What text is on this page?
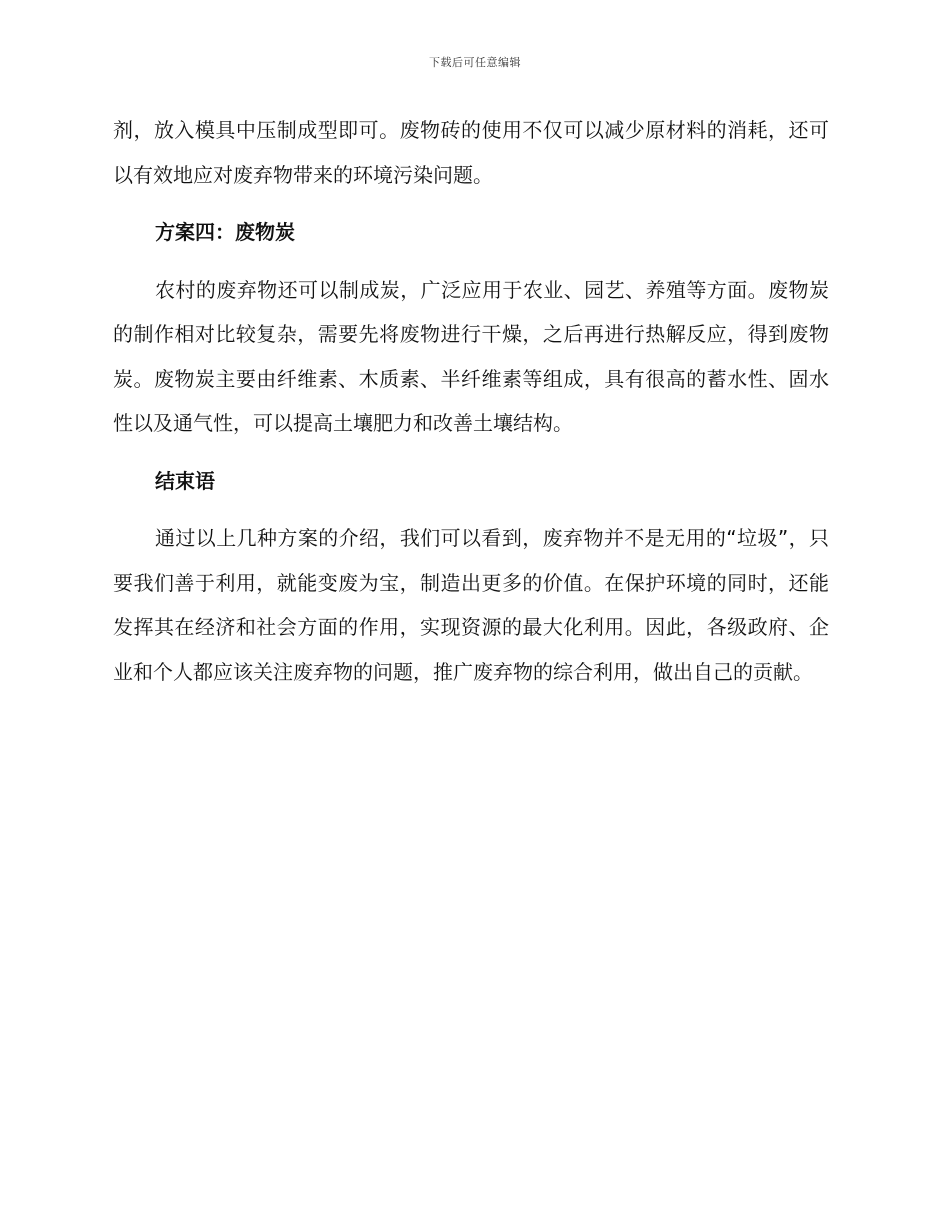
下载后可任意编辑

剂，放入模具中压制成型即可。废物砖的使用不仅可以减少原材料的消耗，还可以有效地应对废弃物带来的环境污染问题。

方案四：废物炭

农村的废弃物还可以制成炭，广泛应用于农业、园艺、养殖等方面。废物炭的制作相对比较复杂，需要先将废物进行干燥，之后再进行热解反应，得到废物炭。废物炭主要由纤维素、木质素、半纤维素等组成，具有很高的蓄水性、固水性以及通气性，可以提高土壤肥力和改善土壤结构。

结束语

通过以上几种方案的介绍，我们可以看到，废弃物并不是无用的“垃圾”，只要我们善于利用，就能变废为宝，制造出更多的价值。在保护环境的同时，还能发挥其在经济和社会方面的作用，实现资源的最大化利用。因此，各级政府、企业和个人都应该关注废弃物的问题，推广废弃物的综合利用，做出自己的贡献。
